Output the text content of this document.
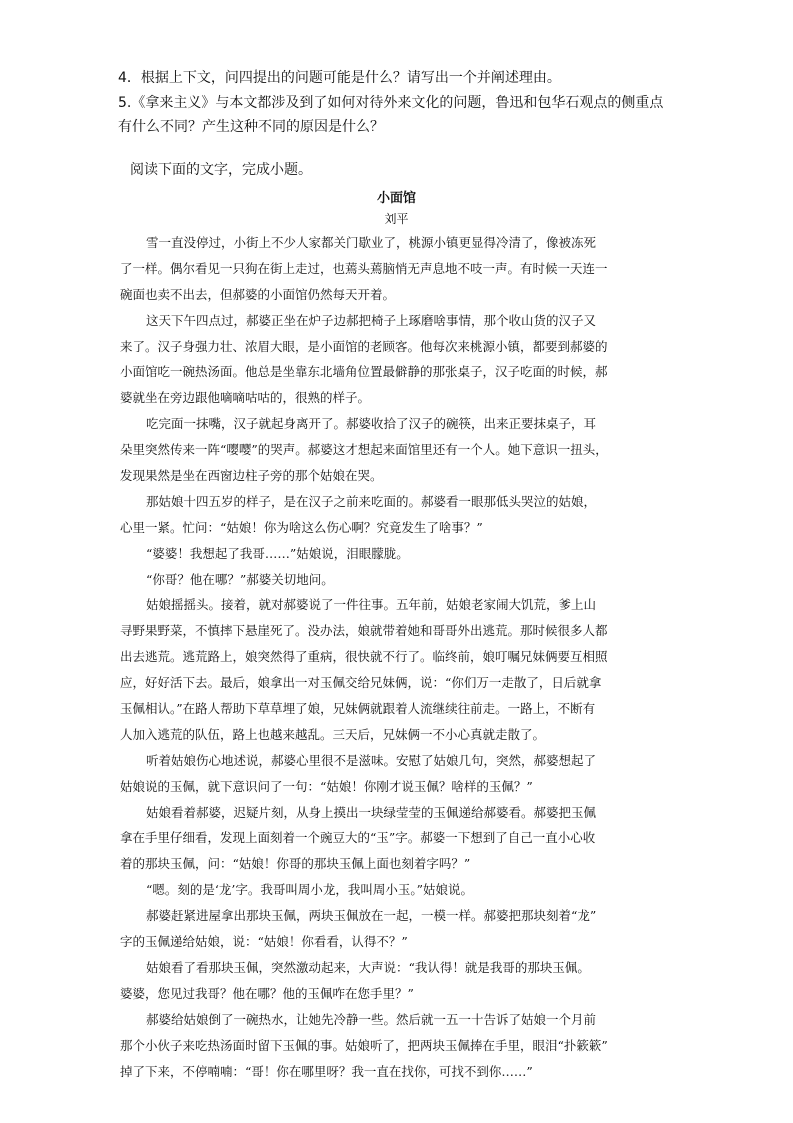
4．根据上下文，问四提出的问题可能是什么？请写出一个并阐述理由。
5.《拿来主义》与本文都涉及到了如何对待外来文化的问题，鲁迅和包华石观点的侧重点
有什么不同？产生这种不同的原因是什么？
阅读下面的文字，完成小题。
小面馆
刘平
雪一直没停过，小街上不少人家都关门歇业了，桃源小镇更显得冷清了，像被冻死
了一样。偶尔看见一只狗在街上走过，也蔫头蔫脑悄无声息地不吱一声。有时候一天连一
碗面也卖不出去，但郝婆的小面馆仍然每天开着。
这天下午四点过，郝婆正坐在炉子边郝把椅子上琢磨啥事情，那个收山货的汉子又
来了。汉子身强力壮、浓眉大眼，是小面馆的老顾客。他每次来桃源小镇，都要到郝婆的
小面馆吃一碗热汤面。他总是坐靠东北墙角位置最僻静的那张桌子，汉子吃面的时候，郝
婆就坐在旁边跟他嘀嘀咕咕的，很熟的样子。
吃完面一抹嘴，汉子就起身离开了。郝婆收拾了汉子的碗筷，出来正要抹桌子，耳
朵里突然传来一阵“嘤嘤”的哭声。郝婆这才想起来面馆里还有一个人。她下意识一扭头，
发现果然是坐在西窗边柱子旁的那个姑娘在哭。
那姑娘十四五岁的样子，是在汉子之前来吃面的。郝婆看一眼那低头哭泣的姑娘，
心里一紧。忙问：“姑娘！你为啥这么伤心啊？究竟发生了啥事？”
“婆婆！我想起了我哥……”姑娘说，泪眼朦胧。
“你哥？他在哪？”郝婆关切地问。
姑娘摇摇头。接着，就对郝婆说了一件往事。五年前，姑娘老家闹大饥荒，爹上山
寻野果野菜，不慎摔下悬崖死了。没办法，娘就带着她和哥哥外出逃荒。那时候很多人都
出去逃荒。逃荒路上，娘突然得了重病，很快就不行了。临终前，娘叮嘱兄妹俩要互相照
应，好好活下去。最后，娘拿出一对玉佩交给兄妹俩，说：“你们万一走散了，日后就拿
玉佩相认。”在路人帮助下草草埋了娘，兄妹俩就跟着人流继续往前走。一路上，不断有
人加入逃荒的队伍，路上也越来越乱。三天后，兄妹俩一不小心真就走散了。
听着姑娘伤心地述说，郝婆心里很不是滋味。安慰了姑娘几句，突然，郝婆想起了
姑娘说的玉佩，就下意识问了一句：“姑娘！你刚才说玉佩？啥样的玉佩？”
姑娘看着郝婆，迟疑片刻，从身上摸出一块绿莹莹的玉佩递给郝婆看。郝婆把玉佩
拿在手里仔细看，发现上面刻着一个豌豆大的“玉”字。郝婆一下想到了自己一直小心收
着的那块玉佩，问：“姑娘！你哥的那块玉佩上面也刻着字吗？”
“嗯。刻的是‘龙’字。我哥叫周小龙，我叫周小玉。”姑娘说。
郝婆赶紧进屋拿出那块玉佩，两块玉佩放在一起，一模一样。郝婆把那块刻着“龙”
字的玉佩递给姑娘，说：“姑娘！你看看，认得不？”
姑娘看了看那块玉佩，突然激动起来，大声说：“我认得！就是我哥的那块玉佩。
婆婆，您见过我哥？他在哪？他的玉佩咋在您手里？”
郝婆给姑娘倒了一碗热水，让她先冷静一些。然后就一五一十告诉了姑娘一个月前
那个小伙子来吃热汤面时留下玉佩的事。姑娘听了，把两块玉佩捧在手里，眼泪“扑簌簌”
掉了下来，不停喃喃：“哥！你在哪里呀？我一直在找你，可找不到你……”
